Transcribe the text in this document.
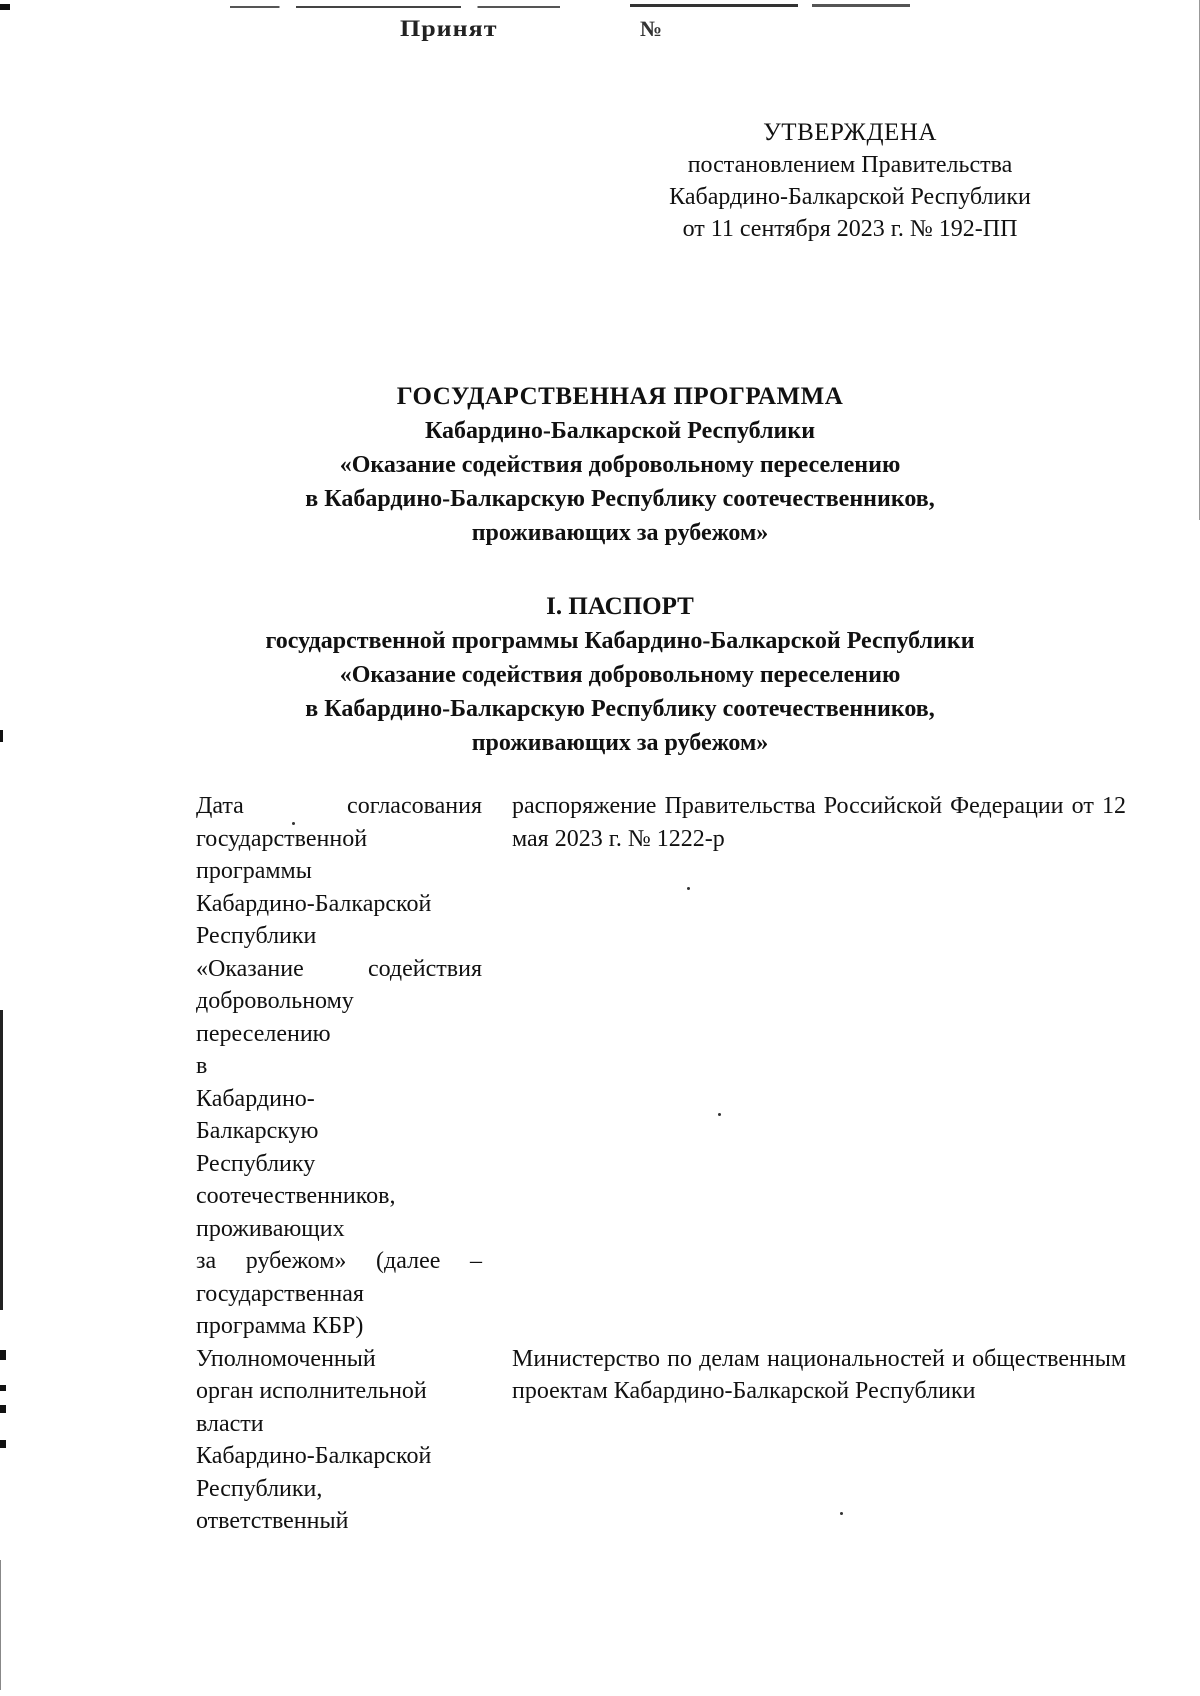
Принят	№
УТВЕРЖДЕНА
постановлением Правительства
Кабардино-Балкарской Республики
от 11 сентября 2023 г. № 192-ПП
ГОСУДАРСТВЕННАЯ ПРОГРАММА
Кабардино-Балкарской Республики
«Оказание содействия добровольному переселению
в Кабардино-Балкарскую Республику соотечественников,
проживающих за рубежом»
I. ПАСПОРТ
государственной программы Кабардино-Балкарской Республики
«Оказание содействия добровольному переселению
в Кабардино-Балкарскую Республику соотечественников,
проживающих за рубежом»
Дата согласования
государственной
программы
Кабардино-Балкарской
Республики
«Оказание содействия
добровольному
переселению
в
Кабардино-
Балкарскую
Республику
соотечественников,
проживающих
за рубежом» (далее –
государственная
программа КБР)
распоряжение Правительства Российской Федерации от 12 мая 2023 г. № 1222-р
Уполномоченный
орган исполнительной
власти
Кабардино-Балкарской
Республики,
ответственный
Министерство по делам национальностей и общественным проектам Кабардино-Балкарской Республики
